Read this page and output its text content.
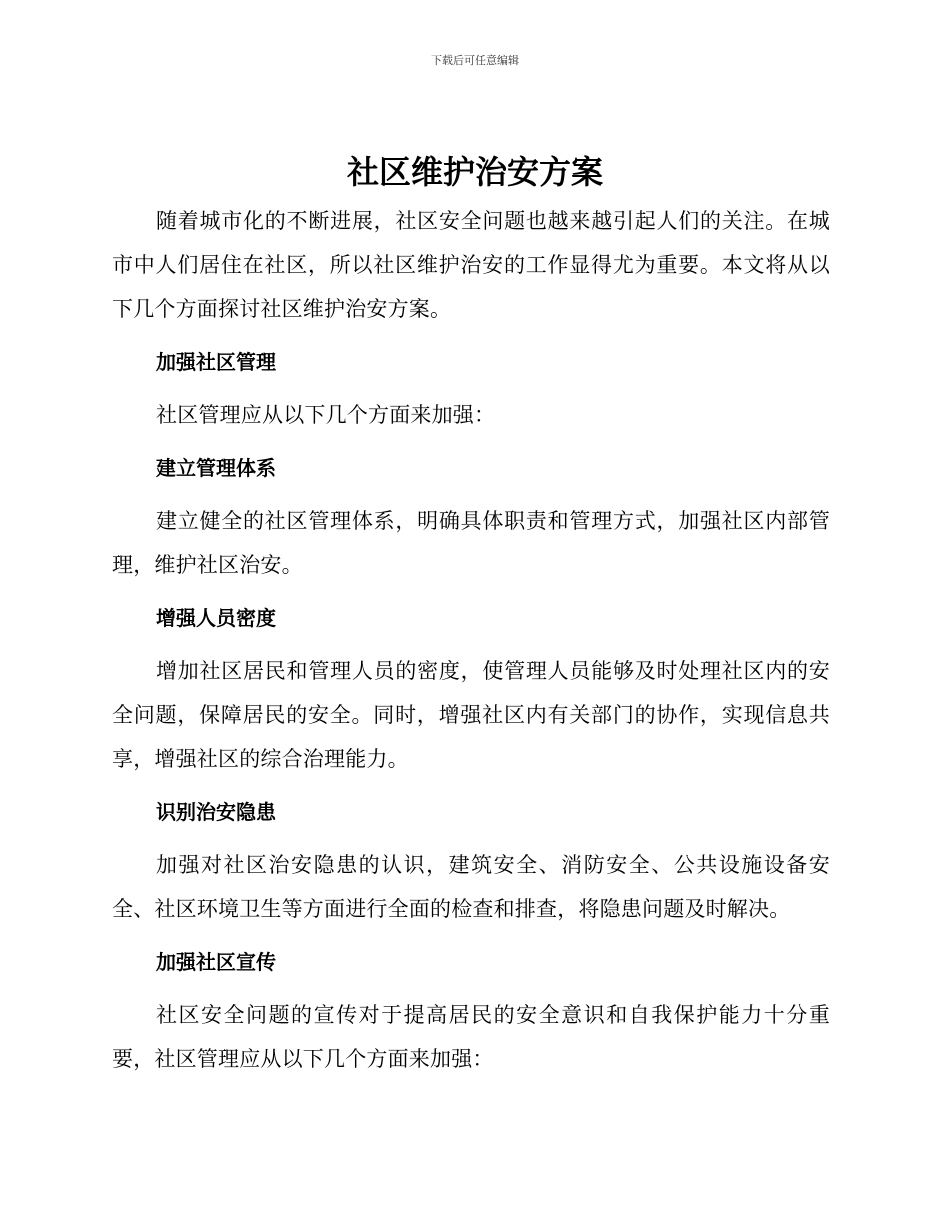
下载后可任意编辑
社区维护治安方案

随着城市化的不断进展，社区安全问题也越来越引起人们的关注。在城市中人们居住在社区，所以社区维护治安的工作显得尤为重要。本文将从以下几个方面探讨社区维护治安方案。

加强社区管理

社区管理应从以下几个方面来加强：

建立管理体系

建立健全的社区管理体系，明确具体职责和管理方式，加强社区内部管理，维护社区治安。

增强人员密度

增加社区居民和管理人员的密度，使管理人员能够及时处理社区内的安全问题，保障居民的安全。同时，增强社区内有关部门的协作，实现信息共享，增强社区的综合治理能力。

识别治安隐患

加强对社区治安隐患的认识，建筑安全、消防安全、公共设施设备安全、社区环境卫生等方面进行全面的检查和排查，将隐患问题及时解决。

加强社区宣传

社区安全问题的宣传对于提高居民的安全意识和自我保护能力十分重要，社区管理应从以下几个方面来加强：
